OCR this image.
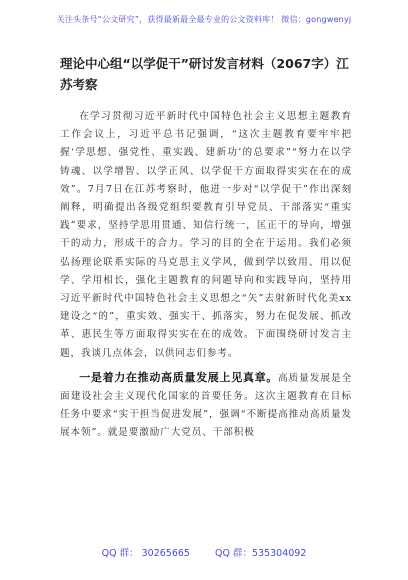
关注头条号“公文研究”，获得最新最全最专业的公文资料库！ 微信：gongwenyj
理论中心组“以学促干”研讨发言材料（2067字）江苏考察

在学习贯彻习近平新时代中国特色社会主义思想主题教育工作会议上，习近平总书记强调，“这次主题教育要牢牢把握‘学思想、强党性、重实践、建新功’的总要求”“努力在以学铸魂、以学增智、以学正风、以学促干方面取得实实在在的成效”。7月7日在江苏考察时，他进一步对“以学促干”作出深刻阐释，明确提出各级党组织要教育引导党员、干部落实“重实践”要求，坚持学思用贯通、知信行统一，匡正干的导向，增强干的动力，形成干的合力。学习的目的全在于运用。我们必须弘扬理论联系实际的马克思主义学风，做到学以致用、用以促学、学用相长，强化主题教育的问题导向和实践导向，坚持用习近平新时代中国特色社会主义思想之“矢”去射新时代化美xx建设之“的”，重实效、强实干、抓落实，努力在促发展、抓改革、惠民生等方面取得实实在在的成效。下面围绕研讨发言主题，我谈几点体会，以供同志们参考。

一是着力在推动高质量发展上见真章。高质量发展是全面建设社会主义现代化国家的首要任务。这次主题教育在目标任务中要求“实干担当促进发展”，强调“不断提高推动高质量发展本领”。就是要激励广大党员、干部积极

QQ 群： 30265665	QQ 群：535304092
